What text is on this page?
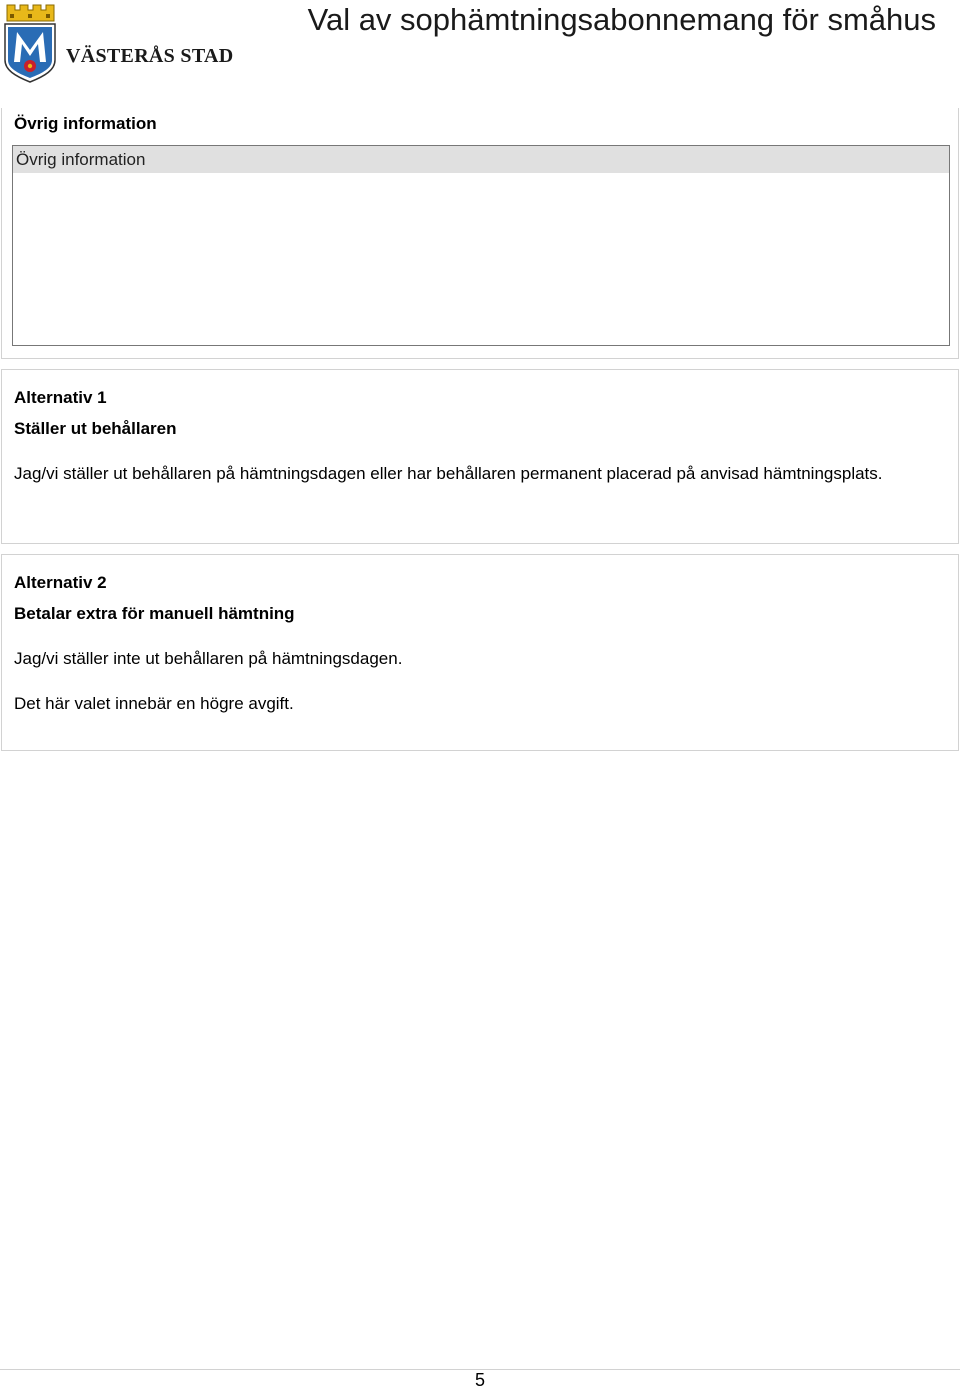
VÄSTERÅS STAD
Val av sophämtningsabonnemang för småhus
Övrig information
Övrig information
Alternativ 1
Ställer ut behållaren

Jag/vi ställer ut behållaren på hämtningsdagen eller har behållaren permanent placerad på anvisad hämtningsplats.

Alternativ 2
Betalar extra för manuell hämtning

Jag/vi ställer inte ut behållaren på hämtningsdagen.

Det här valet innebär en högre avgift.

5
